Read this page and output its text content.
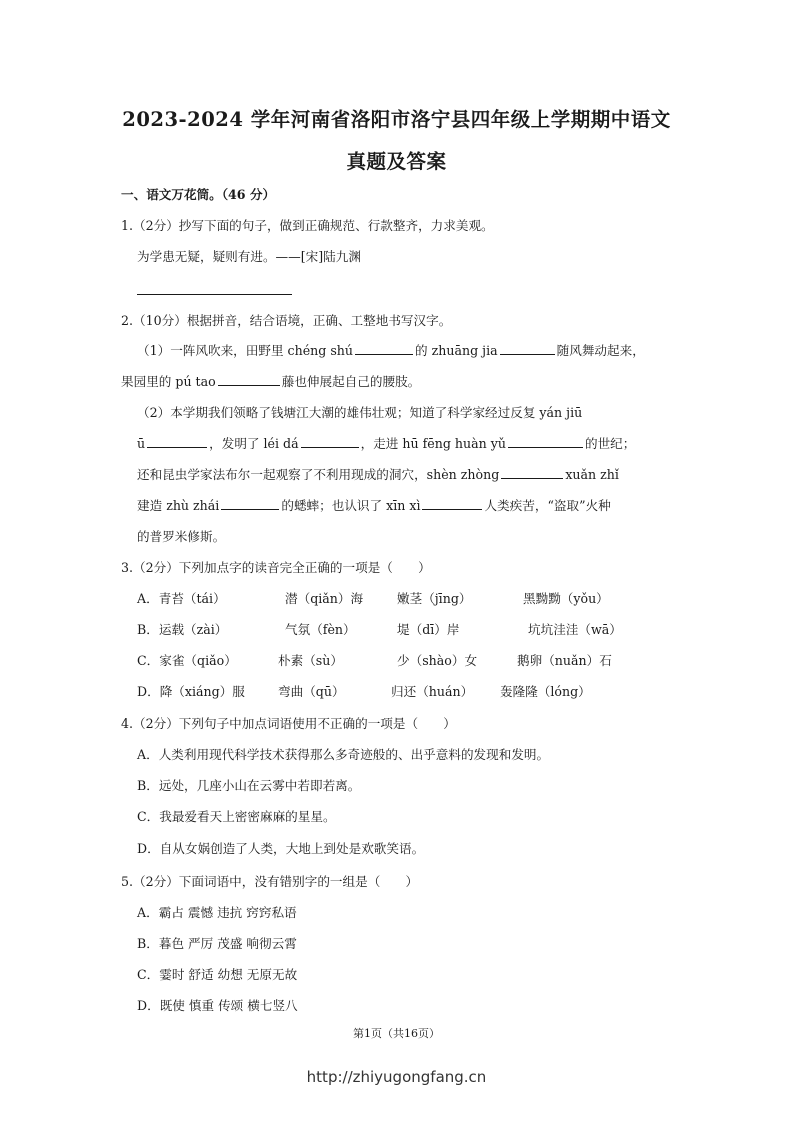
2023-2024 学年河南省洛阳市洛宁县四年级上学期期中语文
真题及答案
一、语文万花筒。（46 分）
1.（2分）抄写下面的句子，做到正确规范、行款整齐，力求美观。
为学患无疑，疑则有进。——[宋]陆九渊
2.（10分）根据拼音，结合语境，正确、工整地书写汉字。
（1）一阵风吹来，田野里 chéng shú	的 zhuāng jia	随风舞动起来，
果园里的 pú tao	藤也伸展起自己的腰肢。
（2）本学期我们领略了钱塘江大潮的雄伟壮观；知道了科学家经过反复 yán jiū
ū	，发明了 léi dá	，走进 hū fēng huàn yǔ	的世纪；
还和昆虫学家法布尔一起观察了不利用现成的洞穴，shèn zhòng	xuǎn zhǐ
建造 zhù zhái	的蟋蟀；也认识了 xīn xì	人类疾苦，“盗取”火种
的普罗米修斯。
3.（2分）下列加点字的读音完全正确的一项是（　　）
A．青苔（tái）	潜（qiǎn）海	嫩茎（jīng）	黑黝黝（yǒu）
B．运载（zài）	气氛（fèn）	堤（dī）岸	坑坑洼洼（wā）
C．家雀（qiǎo）	朴素（sù）	少（shào）女	鹅卵（nuǎn）石
D．降（xiáng）服	弯曲（qū）	归还（huán） 轰隆隆（lóng）
4.（2分）下列句子中加点词语使用不正确的一项是（　　）
A．人类利用现代科学技术获得那么多奇迹般的、出乎意料的发现和发明。
B．远处，几座小山在云雾中若即若离。
C．我最爱看天上密密麻麻的星星。
D．自从女娲创造了人类，大地上到处是欢歌笑语。
5.（2分）下面词语中，没有错别字的一组是（　　）
A．霸占 震憾 违抗 窍窍私语
B．暮色 严厉 茂盛 响彻云霄
C．霎时 舒适 幼想 无原无故
D．既使 慎重 传颂 横七竖八
第1页（共16页）
http://zhiyugongfang.cn
